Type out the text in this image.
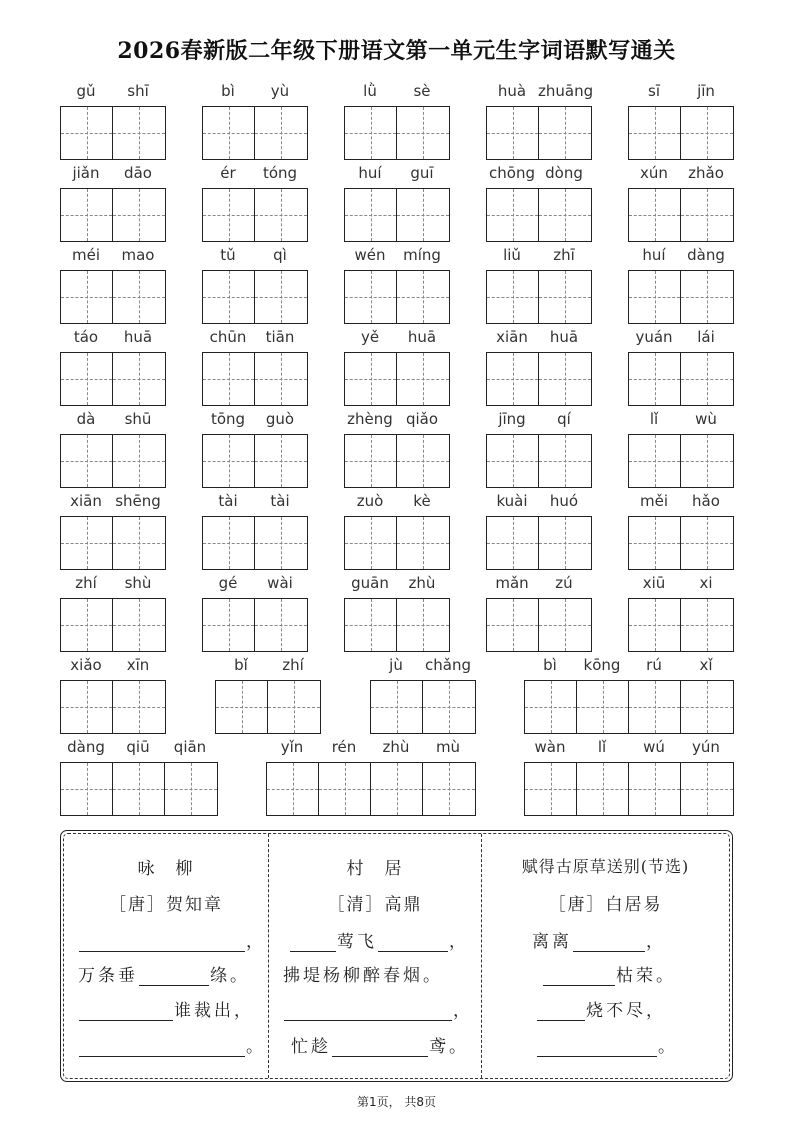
2026春新版二年级下册语文第一单元生字词语默写通关
gǔ	shī	bì	yù	lǜ	sè	huà zhuāng	sī	jīn
jiǎn	dāo	ér	tóng	huí	guī	chōng dòng	xún	zhǎo
méi	mao	tǔ	qì	wén	míng	liǔ	zhī	huí	dàng
táo	huā	chūn	tiān	yě	huā	xiān	huā	yuán	lái
dà	shū	tōng	guò	zhèng qiǎo	jīng	qí	lǐ	wù
xiān shēng	tài	tài	zuò	kè	kuài	huó	měi	hǎo
zhí	shù	gé	wài	guān	zhù	mǎn	zú	xiū	xi
xiǎo	xīn	bǐ	zhí	jù	chǎng	bì	kōng	rú	xǐ
dàng	qiū	qiān	yǐn	rén	zhù	mù	wàn	lǐ	wú	yún
咏　柳
［唐］贺知章
，
万条垂	绦。
谁裁出，
。
村　居
［清］高鼎
莺飞	，
拂堤杨柳醉春烟。
，
忙趁	鸢。
赋得古原草送别(节选)
［唐］白居易
离离	，
枯荣。
烧不尽，
。
第1页， 共8页
